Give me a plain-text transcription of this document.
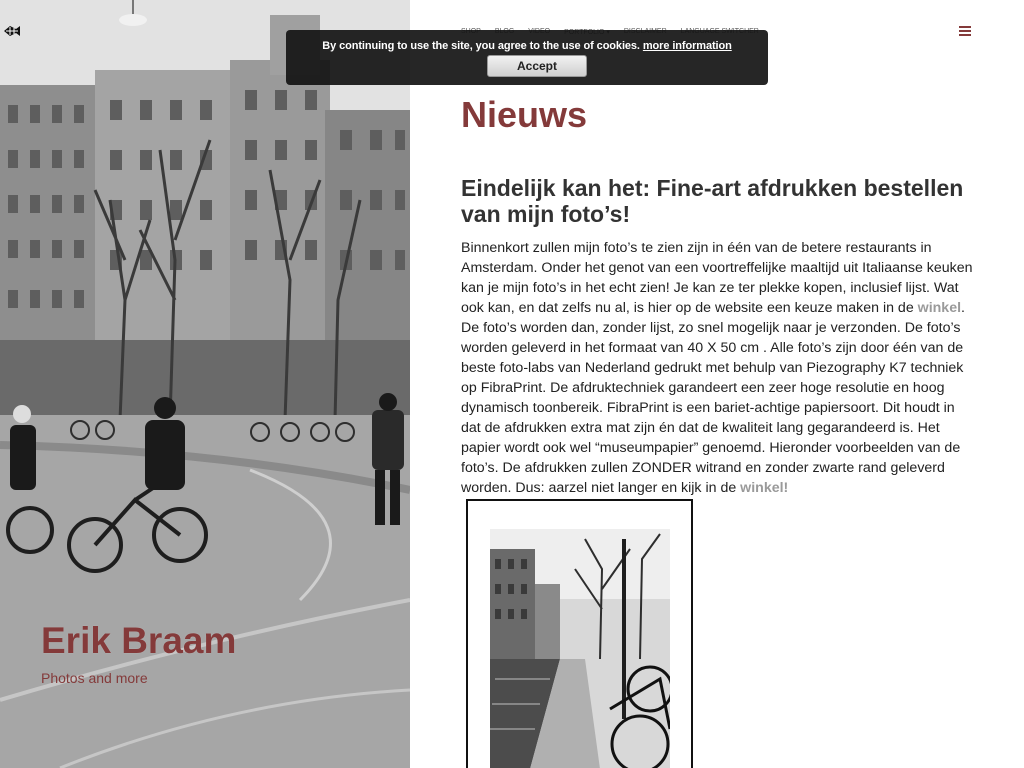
Erik Braam
Photos and more
By continuing to use the site, you agree to the use of cookies. more information
Accept
Nieuws
Eindelijk kan het: Fine-art afdrukken bestellen van mijn foto’s!
Binnenkort zullen mijn foto’s te zien zijn in één van de betere restaurants in Amsterdam. Onder het genot van een voortreffelijke maaltijd uit Italiaanse keuken kan je mijn foto’s in het echt zien! Je kan ze ter plekke kopen, inclusief lijst. Wat ook kan, en dat zelfs nu al, is hier op de website een keuze maken in de winkel. De foto’s worden dan, zonder lijst, zo snel mogelijk naar je verzonden. De foto’s worden geleverd in het formaat van 40 X 50 cm . Alle foto’s zijn door één van de beste foto-labs van Nederland gedrukt met behulp van Piezography K7 techniek op FibraPrint. De afdruktechniek garandeert een zeer hoge resolutie en hoog dynamisch toonbereik. FibraPrint is een bariet-achtige papiersoort. Dit houdt in dat de afdrukken extra mat zijn én dat de kwaliteit lang gegarandeerd is. Het papier wordt ook wel “museumpapier” genoemd. Hieronder voorbeelden van de foto’s. De afdrukken zullen ZONDER witrand en zonder zwarte rand geleverd worden. Dus: aarzel niet langer en kijk in de winkel!
